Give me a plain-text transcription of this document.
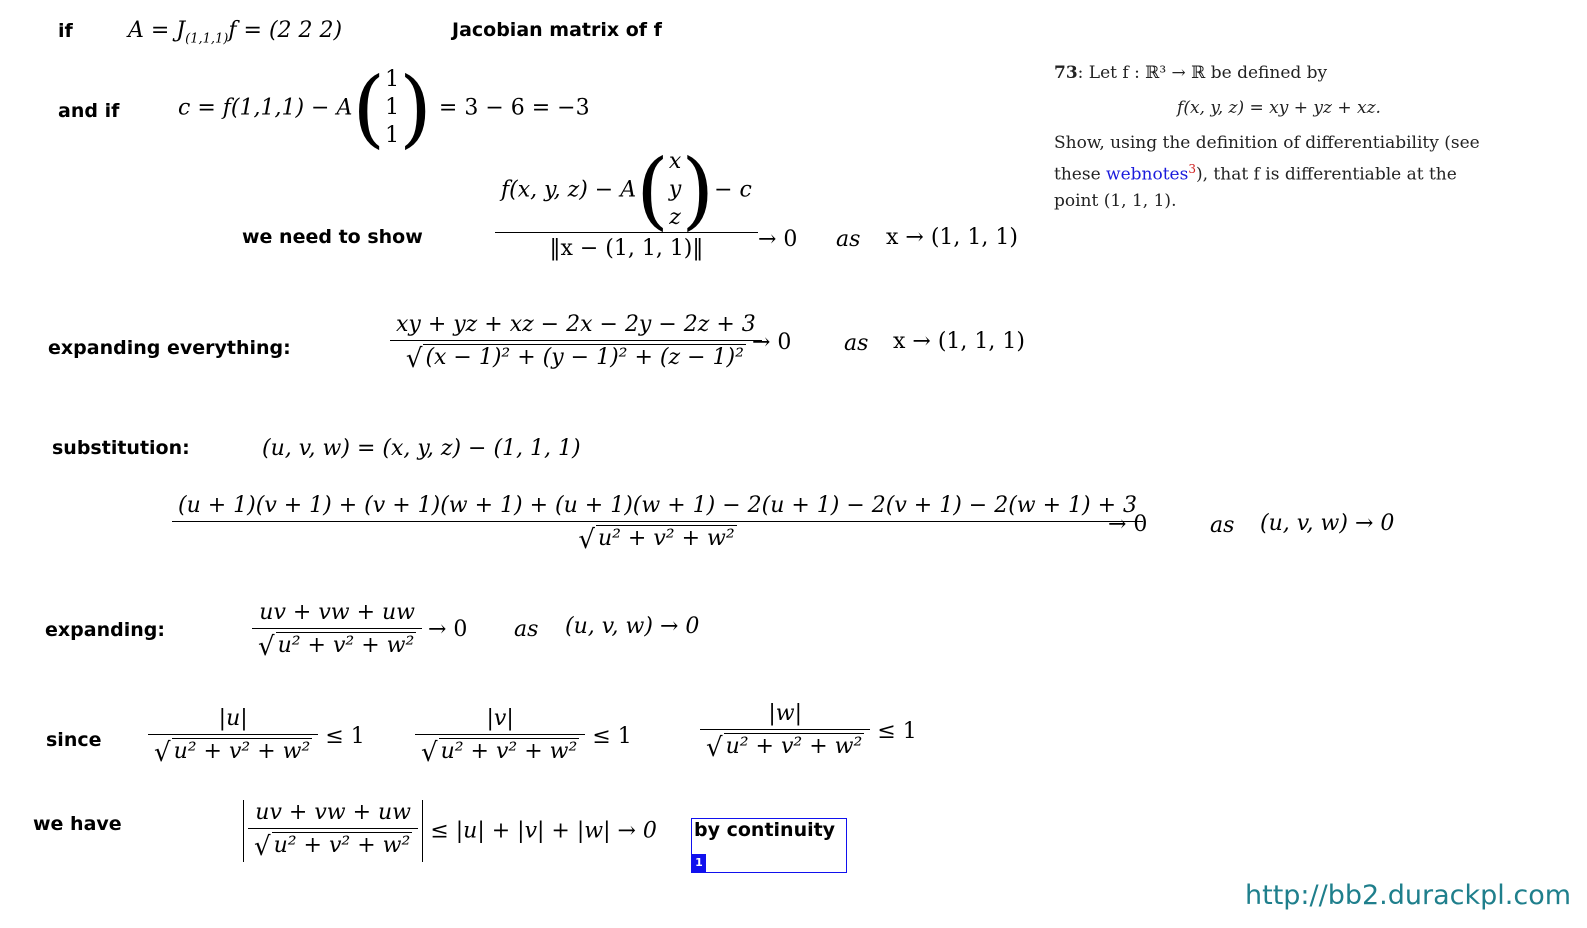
if	$A = J_{(1,1,1)}f = (2$ 2 2)	Jacobian matrix of f
and if	c = f(1,1,1) − A( 1
1
1 ) = 3 − 6 = −3
we need to show	f(x, y, z) − A( x
y
z )− c
‖x − (1, 1, 1)‖ → 0 as x → (1, 1, 1)
expanding everything:	$\frac{xy + yz + xz - 2x - 2y - 2z + 3}{\text{√ (x − 1)² + (y − 1)² + (z − 1)²}}$
→ 0 as x → (1, 1, 1)
substitution:	(u, v, w) = (x, y, z) − (1, 1, 1)
(u + 1)(v + 1) + (v + 1)(w + 1) + (u + 1)(w + 1) − 2(u + 1) − 2(v + 1) − 2(w + 1) + 3
√ u² + v² + w²
→ 0	as (u, v, w) → 0
expanding:	$\frac{uv + vw + uw}{\text{√ u² + v² + w²}} \to 0$ as (u, v, w) → 0
since $\frac{|u|}{\text{√ u² + v² + w²}} \le 1 \frac{|v|}{\text{√ u² + v² + w²}} \le 1$	$\frac{|w|}{\text{√ u² + v² + w²}} \le 1$
we have	$\frac{uv + vw + uw}{\text{√ u² + v² + w²}} \le |u| + |v| + |w| \to 0$ by continuity
1
73: Let f : ℝ³ → ℝ be defined by
f(x, y, z) = xy + yz + xz.
Show, using the definition of differentiability (see
these webnotes$^3$), that f is differentiable at the
point (1, 1, 1).
http://bb2.durackpl.com
